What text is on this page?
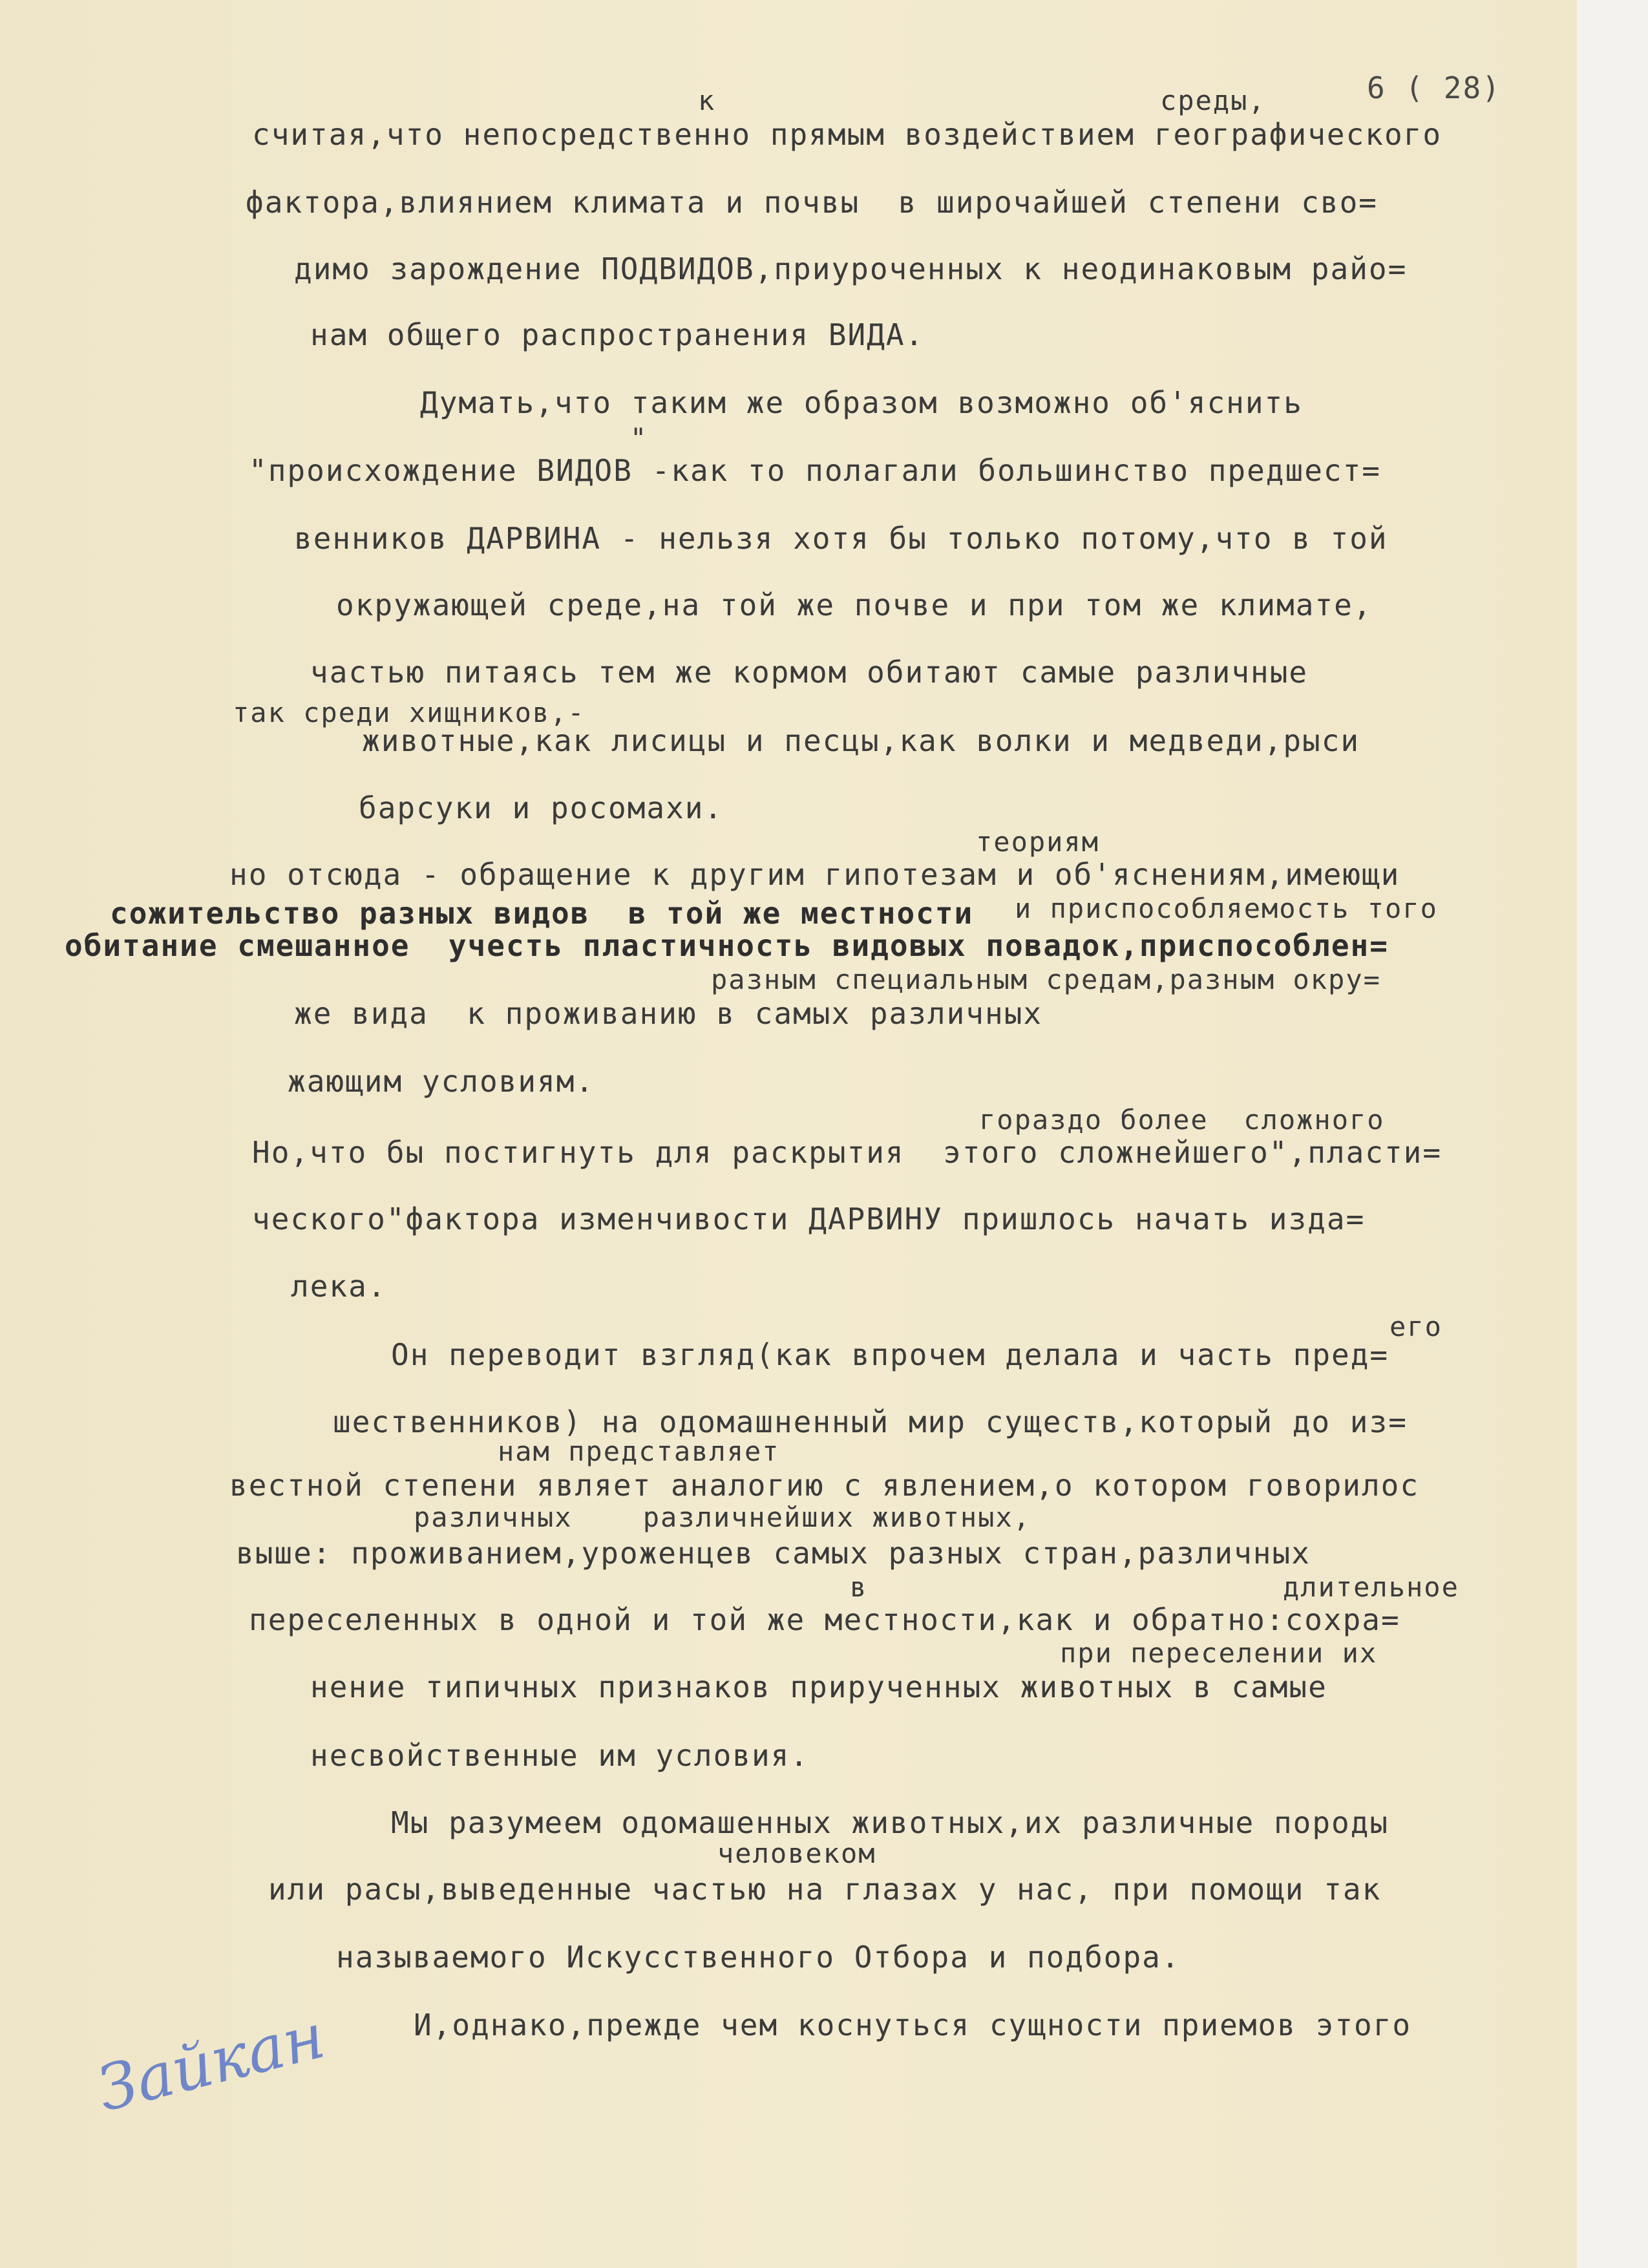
6 ( 28)
к	среды,
считая,что непосредственно прямым воздействием географического
фактора,влиянием климата и почвы  в широчайшей степени сво=
димо зарождение ПОДВИДОВ,приуроченных к неодинаковым райо=
нам общего распространения ВИДА.
Думать,что таким же образом возможно об'яснить
"
"происхождение ВИДОВ -как то полагали большинство предшест=
венников ДАРВИНА - нельзя хотя бы только потому,что в той
окружающей среде,на той же почве и при том же климате,
частью питаясь тем же кормом обитают самые различные
так среди хищников,-
животные,как лисицы и песцы,как волки и медведи,рыси
барсуки и росомахи.
теориям
но отсюда - обращение к другим гипотезам и об'яснениям,имеющи
сожительство разных видов  в той же местности и приспособляемость того
обитание смешанное  учесть пластичность видовых повадок,приспособлен=
разным специальным средам,разным окру=
же вида  к проживанию в самых различных
жающим условиям.
гораздо более  сложного
Но,что бы постигнуть для раскрытия  этого сложнейшего",пласти=
ческого"фактора изменчивости ДАРВИНУ пришлось начать изда=
лека.
его
Он переводит взгляд(как впрочем делала и часть пред=
шественников) на одомашненный мир существ,который до из=
нам представляет
вестной степени являет аналогию с явлением,о котором говорилос
различных    различнейших животных,
выше: проживанием,уроженцев самых разных стран,различных
в	длительное
переселенных в одной и той же местности,как и обратно:сохра=
при переселении их
нение типичных признаков прирученных животных в самые
несвойственные им условия.
Мы разумеем одомашенных животных,их различные породы
человеком
или расы,выведенные частью на глазах у нас, при помощи так
называемого Искусственного Отбора и подбора.
И,однако,прежде чем коснуться сущности приемов этого
Зайкан
